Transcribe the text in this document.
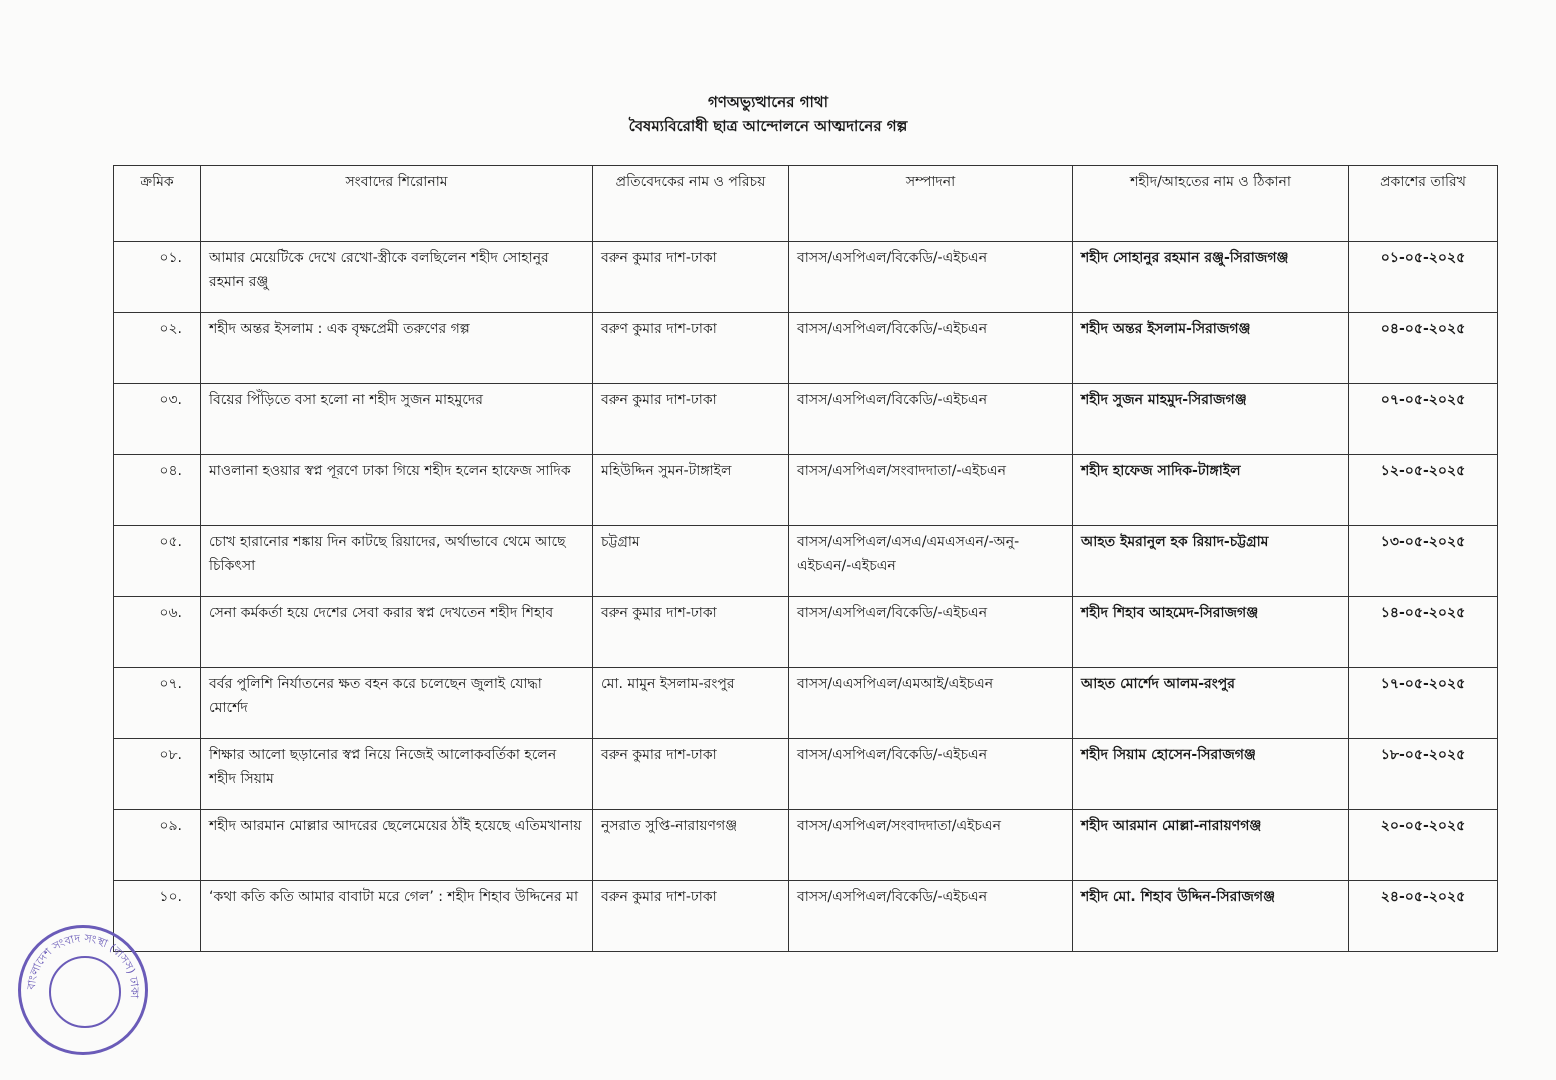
গণঅভ্যুত্থানের গাথা
বৈষম্যবিরোধী ছাত্র আন্দোলনে আত্মদানের গল্প
ক্রমিক	সংবাদের শিরোনাম	প্রতিবেদকের নাম ও পরিচয়	সম্পাদনা	শহীদ/আহতের নাম ও ঠিকানা	প্রকাশের তারিখ
০১.	আমার মেয়েটিকে দেখে রেখো-স্ত্রীকে বলছিলেন শহীদ সোহানুর রহমান রঞ্জু	বরুন কুমার দাশ-ঢাকা	বাসস/এসপিএল/বিকেডি/-এইচএন	শহীদ সোহানুর রহমান রঞ্জু-সিরাজগঞ্জ	০১-০৫-২০২৫
০২.	শহীদ অন্তর ইসলাম : এক বৃক্ষপ্রেমী তরুণের গল্প	বরুণ কুমার দাশ-ঢাকা	বাসস/এসপিএল/বিকেডি/-এইচএন	শহীদ অন্তর ইসলাম-সিরাজগঞ্জ	০৪-০৫-২০২৫
০৩.	বিয়ের পিঁড়িতে বসা হলো না শহীদ সুজন মাহমুদের	বরুন কুমার দাশ-ঢাকা	বাসস/এসপিএল/বিকেডি/-এইচএন	শহীদ সুজন মাহমুদ-সিরাজগঞ্জ	০৭-০৫-২০২৫
০৪.	মাওলানা হওয়ার স্বপ্ন পূরণে ঢাকা গিয়ে শহীদ হলেন হাফেজ সাদিক	মহিউদ্দিন সুমন-টাঙ্গাইল	বাসস/এসপিএল/সংবাদদাতা/-এইচএন	শহীদ হাফেজ সাদিক-টাঙ্গাইল	১২-০৫-২০২৫
০৫.	চোখ হারানোর শঙ্কায় দিন কাটছে রিয়াদের, অর্থাভাবে থেমে আছে চিকিৎসা	চট্টগ্রাম	বাসস/এসপিএল/এসএ/এমএসএন/-অনু-এইচএন/-এইচএন	আহত ইমরানুল হক রিয়াদ-চট্টগ্রাম	১৩-০৫-২০২৫
০৬.	সেনা কর্মকর্তা হয়ে দেশের সেবা করার স্বপ্ন দেখতেন শহীদ শিহাব	বরুন কুমার দাশ-ঢাকা	বাসস/এসপিএল/বিকেডি/-এইচএন	শহীদ শিহাব আহমেদ-সিরাজগঞ্জ	১৪-০৫-২০২৫
০৭.	বর্বর পুলিশি নির্যাতনের ক্ষত বহন করে চলেছেন জুলাই যোদ্ধা মোর্শেদ	মো. মামুন ইসলাম-রংপুর	বাসস/এএসপিএল/এমআই/এইচএন	আহত মোর্শেদ আলম-রংপুর	১৭-০৫-২০২৫
০৮.	শিক্ষার আলো ছড়ানোর স্বপ্ন নিয়ে নিজেই আলোকবর্তিকা হলেন শহীদ সিয়াম	বরুন কুমার দাশ-ঢাকা	বাসস/এসপিএল/বিকেডি/-এইচএন	শহীদ সিয়াম হোসেন-সিরাজগঞ্জ	১৮-০৫-২০২৫
০৯.	শহীদ আরমান মোল্লার আদরের ছেলেমেয়ের ঠাঁই হয়েছে এতিমখানায়	নুসরাত সুপ্তি-নারায়ণগঞ্জ	বাসস/এসপিএল/সংবাদদাতা/এইচএন	শহীদ আরমান মোল্লা-নারায়ণগঞ্জ	২০-০৫-২০২৫
১০.	‘কথা কতি কতি আমার বাবাটা মরে গেল’ : শহীদ শিহাব উদ্দিনের মা	বরুন কুমার দাশ-ঢাকা	বাসস/এসপিএল/বিকেডি/-এইচএন	শহীদ মো. শিহাব উদ্দিন-সিরাজগঞ্জ	২৪-০৫-২০২৫
বাংলাদেশ সংবাদ সংস্থা (বাসস) ঢাকা
